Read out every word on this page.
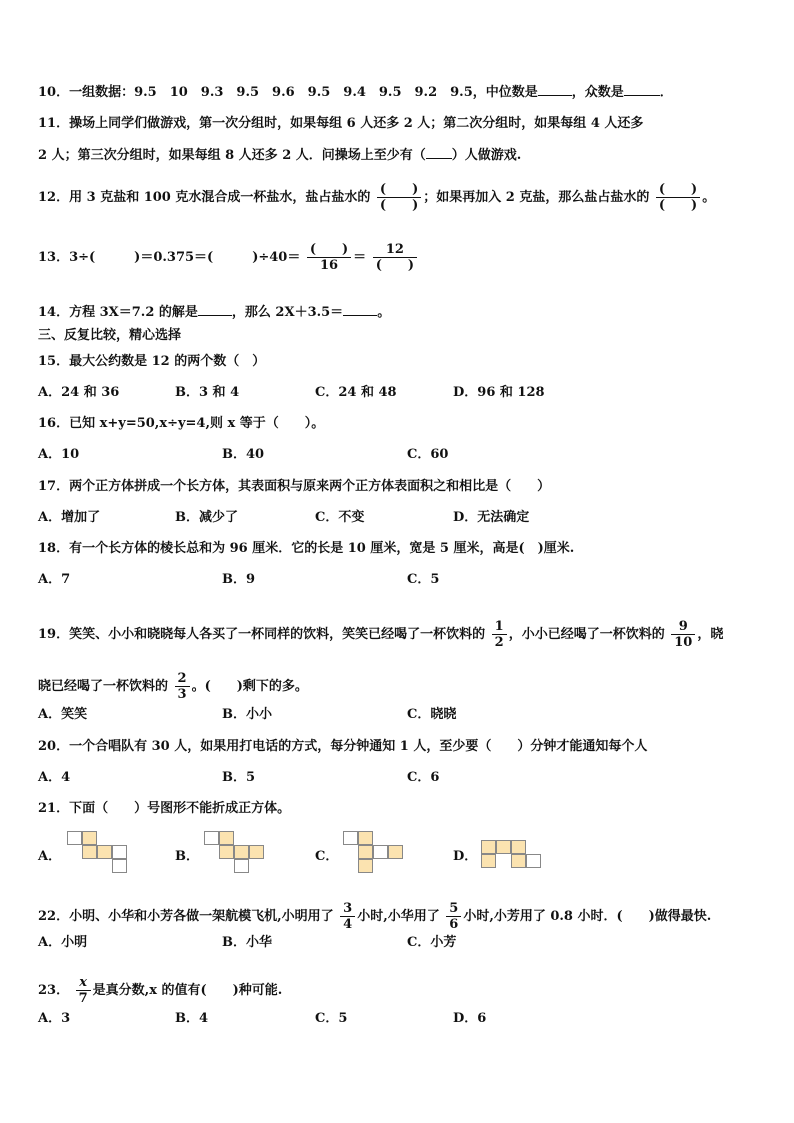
10．一组数据：9.5　10　9.3　9.5　9.6　9.5　9.4　9.5　9.2　9.5，中位数是	，众数是	．
11．操场上同学们做游戏，第一次分组时，如果每组 6 人还多 2 人；第二次分组时，如果每组 4 人还多
2 人；第三次分组时，如果每组 8 人还多 2 人．问操场上至少有（ ）人做游戏.
12．用 3 克盐和 100 克水混合成一杯盐水，盐占盐水的 $\frac{( )}{( )}$ ；如果再加入 2 克盐，那么盐占盐水的 $\frac{( )}{( )}$ 。
13．3÷(　　　)＝0.375＝(　　　)$\div 40= \frac{( )}{16} = \frac{12}{( )}$
14．方程 3X＝7.2 的解是	，那么 2X＋3.5＝	。
三、反复比较，精心选择
15．最大公约数是 12 的两个数（　）
A．24 和 36	B．3 和 4	C．24 和 48	D．96 和 128
16．已知 x+y=50,x÷y=4,则 x 等于（　　）。
A．10	B．40	C．60
17．两个正方体拼成一个长方体，其表面积与原来两个正方体表面积之和相比是（　　）
A．增加了	B．减少了	C．不变	D．无法确定
18．有一个长方体的棱长总和为 96 厘米．它的长是 10 厘米，宽是 5 厘米，高是(　)厘米.
A．7	B．9	C．5
19．笑笑、小小和晓晓每人各买了一杯同样的饮料，笑笑已经喝了一杯饮料的 $\frac{1}{2}$ ，小小已经喝了一杯饮料的 $\frac{9}{10}$ ，晓
晓已经喝了一杯饮料的 $\frac{2}{3}$ 。(　　)剩下的多。
A．笑笑	B．小小	C．晓晓
20．一个合唱队有 30 人，如果用打电话的方式，每分钟通知 1 人，至少要（　　）分钟才能通知每个人
A．4	B．5	C．6
21．下面（　　）号图形不能折成正方体。
A．	B．	C．	D．
22．小明、小华和小芳各做一架航模飞机,小明用了 $\frac{3}{4}$ 小时,小华用了 $\frac{5}{6}$ 小时,小芳用了 0.8 小时．(　　)做得最快.
A．小明	B．小华	C．小芳
23． $\frac{x}{7}$ 是真分数,x 的值有(　　)种可能.
A．3	B．4	C．5	D．6
